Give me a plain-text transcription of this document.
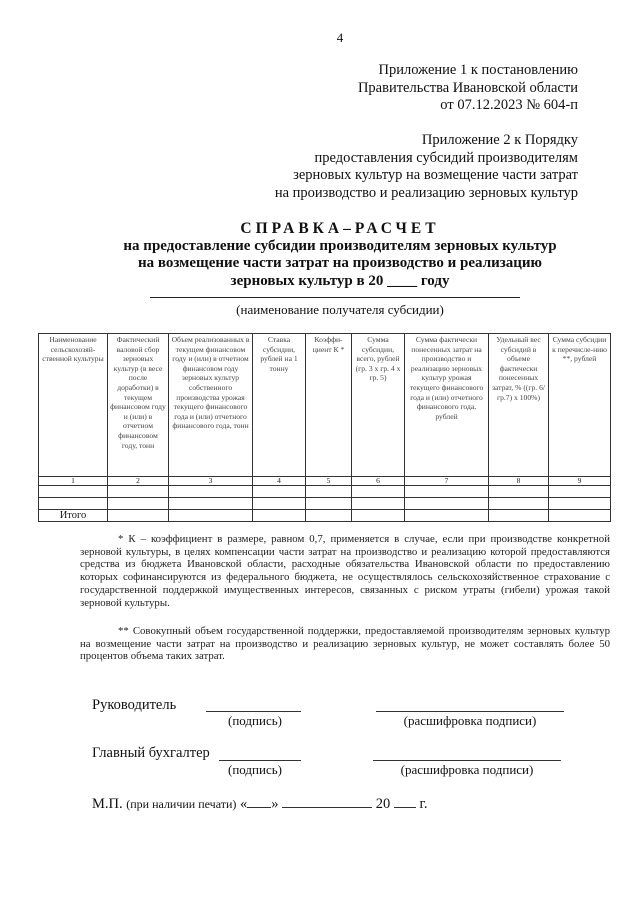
4
Приложение 1 к постановлению
Правительства Ивановской области
от 07.12.2023 № 604-п
Приложение 2 к Порядку
предоставления субсидий производителям
зерновых культур на возмещение части затрат
на производство и реализацию зерновых культур
СПРАВКА–РАСЧЕТ
на предоставление субсидии производителям зерновых культур
на возмещение части затрат на производство и реализацию
зерновых культур в 20 ____ году
(наименование получателя субсидии)
Наименование сельскохозяй-ственной культуры	Фактический валовой сбор зерновых культур (в весе после доработки) в текущем финансовом году и (или) в отчетном финансовом году, тонн	Объем реализованных в текущем финансовом году и (или) в отчетном финансовом году зерновых культур собственного производства урожая текущего финансового года и (или) отчетного финансового года, тонн	Ставка субсидии, рублей на 1 тонну	Коэффи-циент К *	Сумма субсидии, всего, рублей (гр. 3 х гр. 4 х гр. 5)	Сумма фактически понесенных затрат на производство и реализацию зерновых культур урожая текущего финансового года и (или) отчетного финансового года, рублей	Удельный вес субсидий в объеме фактически понесенных затрат, % ((гр. 6/ гр.7) х 100%)	Сумма субсидии к перечисле-нию **, рублей
1	2	3	4	5	6	7	8	9

Итого								
* К – коэффициент в размере, равном 0,7, применяется в случае, если при производстве конкретной зерновой культуры, в целях компенсации части затрат на производство и реализацию которой предоставляются средства из бюджета Ивановской области, расходные обязательства Ивановской области по предоставлению которых софинансируются из федерального бюджета, не осуществлялось сельскохозяйственное страхование с государственной поддержкой имущественных интересов, связанных с риском утраты (гибели) урожая такой зерновой культуры.
** Совокупный объем государственной поддержки, предоставляемой производителям зерновых культур на возмещение части затрат на производство и реализацию зерновых культур, не может составлять более 50 процентов объема таких затрат.
Руководитель
(подпись)	(расшифровка подписи)
Главный бухгалтер
(подпись)	(расшифровка подписи)
М.П. (при наличии печати) « »	20 г.
